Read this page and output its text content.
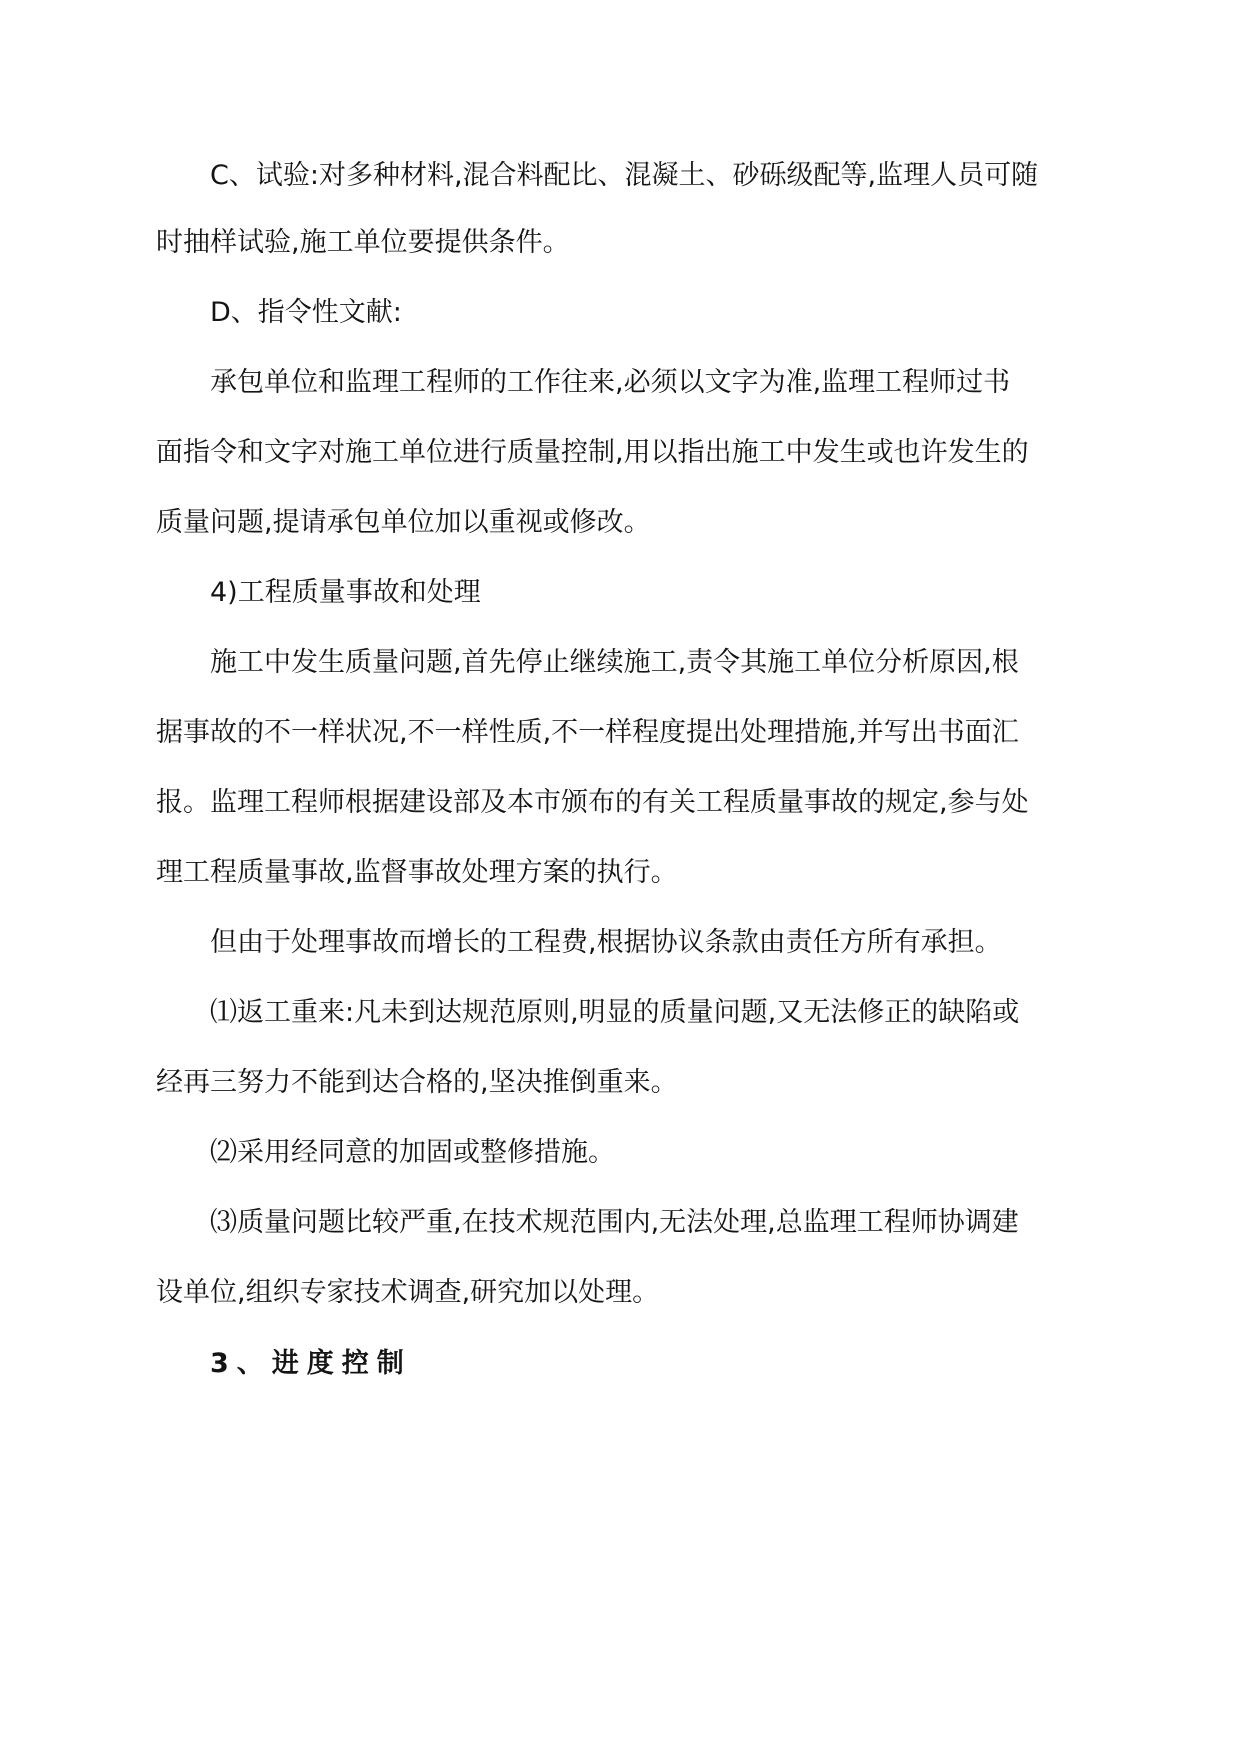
C、试验:对多种材料,混合料配比、混凝土、砂砾级配等,监理人员可随
时抽样试验,施工单位要提供条件。
D、指令性文献:
承包单位和监理工程师的工作往来,必须以文字为准,监理工程师过书
面指令和文字对施工单位进行质量控制,用以指出施工中发生或也许发生的
质量问题,提请承包单位加以重视或修改。
4)工程质量事故和处理
施工中发生质量问题,首先停止继续施工,责令其施工单位分析原因,根
据事故的不一样状况,不一样性质,不一样程度提出处理措施,并写出书面汇
报。监理工程师根据建设部及本市颁布的有关工程质量事故的规定,参与处
理工程质量事故,监督事故处理方案的执行。
但由于处理事故而增长的工程费,根据协议条款由责任方所有承担。
⑴返工重来:凡未到达规范原则,明显的质量问题,又无法修正的缺陷或
经再三努力不能到达合格的,坚决推倒重来。
⑵采用经同意的加固或整修措施。
⑶质量问题比较严重,在技术规范围内,无法处理,总监理工程师协调建
设单位,组织专家技术调查,研究加以处理。
3、进度控制
